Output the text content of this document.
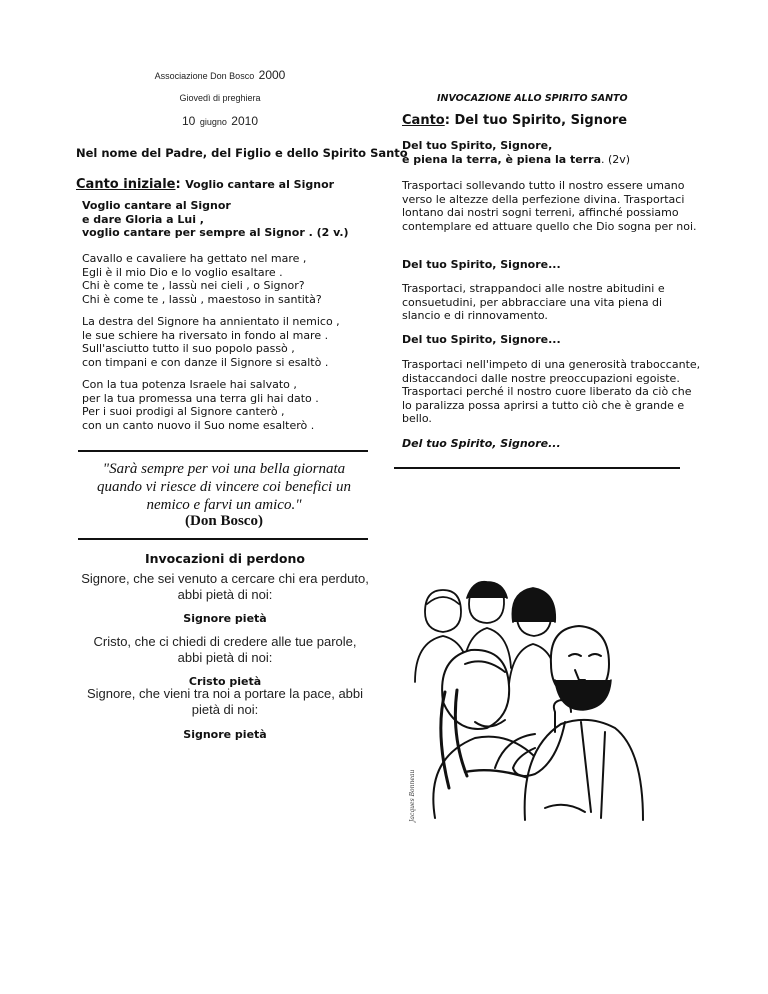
Associazione Don Bosco 2000
Giovedì di preghiera
10 giugno 2010
Nel nome del Padre, del Figlio e dello Spirito Santo
Canto iniziale: Voglio cantare al Signor

Voglio cantare al Signor

e dare Gloria a Lui ,

voglio cantare per sempre al Signor . (2 v.)

Cavallo e cavaliere ha gettato nel mare ,

Egli è il mio Dio e lo voglio esaltare .

Chi è come te , lassù nei cieli , o Signor?

Chi è come te , lassù , maestoso in santità?

La destra del Signore ha annientato il nemico ,

le sue schiere ha riversato in fondo al mare .

Sull'asciutto tutto il suo popolo passò ,

con timpani e con danze il Signore si esaltò .

Con la tua potenza Israele hai salvato ,

per la tua promessa una terra gli hai dato .

Per i suoi prodigi al Signore canterò ,

con un canto nuovo il Suo nome esalterò .

"Sarà sempre per voi una bella giornata quando vi riesce di vincere coi benefici un nemico e farvi un amico."
(Don Bosco)
Invocazioni di perdono
Signore, che sei venuto a cercare chi era perduto, abbi pietà di noi:
Signore pietà
Cristo, che ci chiedi di credere alle tue parole, abbi pietà di noi:
Cristo pietà
Signore, che vieni tra noi a portare la pace, abbi pietà di noi:
Signore pietà
INVOCAZIONE ALLO SPIRITO SANTO
Canto: Del tuo Spirito, Signore

Del tuo Spirito, Signore,

è piena la terra, è piena la terra. (2v)

Trasportaci sollevando tutto il nostro essere umano verso le altezze della perfezione divina. Trasportaci lontano dai nostri sogni terreni, affinché possiamo contemplare ed attuare quello che Dio sogna per noi.

Del tuo Spirito, Signore...

Trasportaci, strappandoci alle nostre abitudini e consuetudini, per abbracciare una vita piena di slancio e di rinnovamento.

Del tuo Spirito, Signore...

Trasportaci nell'impeto di una generosità traboccante, distaccandoci dalle nostre preoccupazioni egoiste. Trasportaci perché il nostro cuore liberato da ciò che lo paralizza possa aprirsi a tutto ciò che è grande e bello.

Del tuo Spirito, Signore...

Jacques Bonneau
